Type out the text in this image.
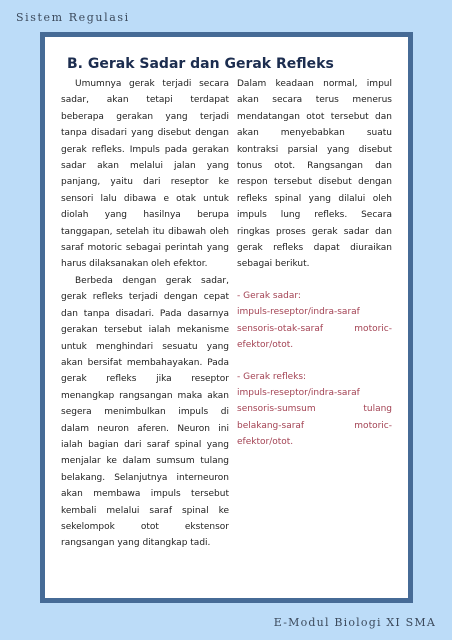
Sistem Regulasi
B. Gerak Sadar dan Gerak Refleks

Umumnya gerak terjadi secara sadar, akan tetapi terdapat beberapa gerakan yang terjadi tanpa disadari yang disebut dengan gerak refleks. Impuls pada gerakan sadar akan melalui jalan yang panjang, yaitu dari reseptor ke sensori lalu dibawa e otak untuk diolah yang hasilnya berupa tanggapan, setelah itu dibawah oleh saraf motoric sebagai perintah yang harus dilaksanakan oleh efektor.

Berbeda dengan gerak sadar, gerak refleks terjadi dengan cepat dan tanpa disadari. Pada dasarnya gerakan tersebut ialah mekanisme untuk menghindari sesuatu yang akan bersifat membahayakan. Pada gerak refleks jika reseptor menangkap rangsangan maka akan segera menimbulkan impuls di dalam neuron aferen. Neuron ini ialah bagian dari saraf spinal yang menjalar ke dalam sumsum tulang belakang. Selanjutnya interneuron akan membawa impuls tersebut kembali melalui saraf spinal ke sekelompok otot ekstensor rangsangan yang ditangkap tadi.

Dalam keadaan normal, impul akan secara terus menerus mendatangan otot tersebut dan akan menyebabkan suatu kontraksi parsial yang disebut tonus otot. Rangsangan dan respon tersebut disebut dengan refleks spinal yang dilalui oleh impuls lung refleks. Secara ringkas proses gerak sadar dan gerak refleks dapat diuraikan sebagai berikut.

- Gerak sadar:

impuls-reseptor/indra-saraf sensoris-otak-saraf motoric-efektor/otot.

- Gerak refleks:

impuls-reseptor/indra-saraf sensoris-sumsum tulang belakang-saraf motoric-efektor/otot.

E-Modul Biologi XI SMA
